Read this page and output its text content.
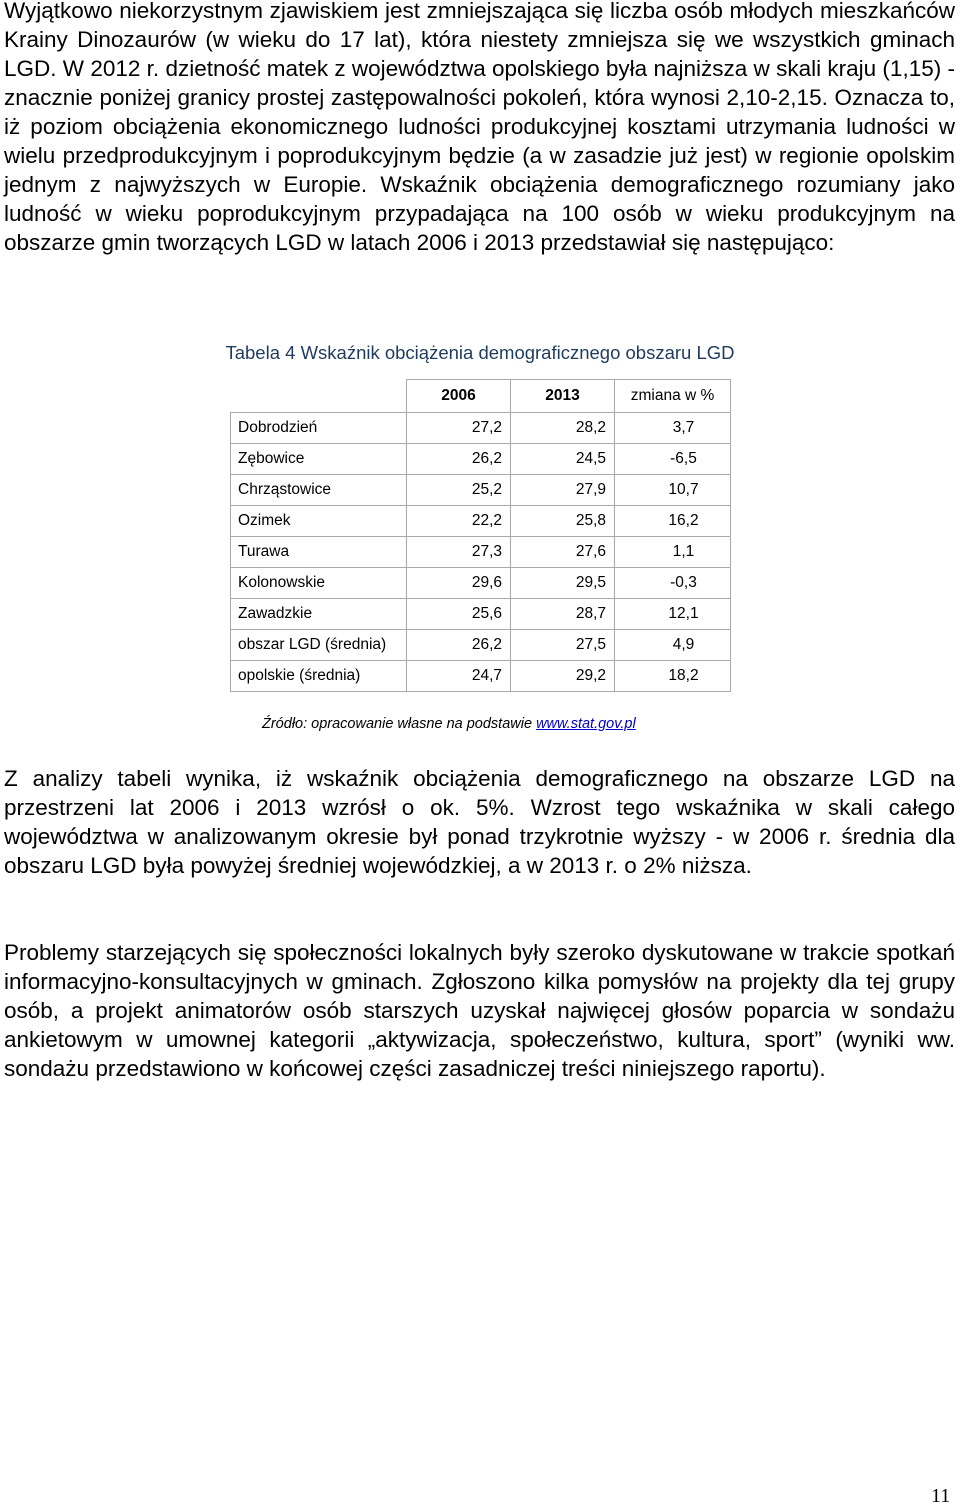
Wyjątkowo niekorzystnym zjawiskiem jest zmniejszająca się liczba osób młodych mieszkańców Krainy Dinozaurów (w wieku do 17 lat), która niestety zmniejsza się we wszystkich gminach LGD. W 2012 r. dzietność matek z województwa opolskiego była najniższa w skali kraju (1,15) - znacznie poniżej granicy prostej zastępowalności pokoleń, która wynosi 2,10-2,15. Oznacza to, iż poziom obciążenia ekonomicznego ludności produkcyjnej kosztami utrzymania ludności w wielu przedprodukcyjnym i poprodukcyjnym będzie (a w zasadzie już jest) w regionie opolskim jednym z najwyższych w Europie. Wskaźnik obciążenia demograficznego rozumiany jako ludność w wieku poprodukcyjnym przypadająca na 100 osób w wieku produkcyjnym na obszarze gmin tworzących LGD w latach 2006 i 2013 przedstawiał się następująco:

Tabela 4 Wskaźnik obciążenia demograficznego obszaru LGD
	2006	2013	zmiana w %
Dobrodzień	27,2	28,2	3,7
Zębowice	26,2	24,5	-6,5
Chrząstowice	25,2	27,9	10,7
Ozimek	22,2	25,8	16,2
Turawa	27,3	27,6	1,1
Kolonowskie	29,6	29,5	-0,3
Zawadzkie	25,6	28,7	12,1
obszar LGD (średnia)	26,2	27,5	4,9
opolskie (średnia)	24,7	29,2	18,2
Źródło: opracowanie własne na podstawie www.stat.gov.pl

Z analizy tabeli wynika, iż wskaźnik obciążenia demograficznego na obszarze LGD na przestrzeni lat 2006 i 2013 wzrósł o ok. 5%. Wzrost tego wskaźnika w skali całego województwa w analizowanym okresie był ponad trzykrotnie wyższy - w 2006 r. średnia dla obszaru LGD była powyżej średniej wojewódzkiej, a w 2013 r. o 2% niższa.

Problemy starzejących się społeczności lokalnych były szeroko dyskutowane w trakcie spotkań informacyjno-konsultacyjnych w gminach. Zgłoszono kilka pomysłów na projekty dla tej grupy osób, a projekt animatorów osób starszych uzyskał najwięcej głosów poparcia w sondażu ankietowym w umownej kategorii „aktywizacja, społeczeństwo, kultura, sport” (wyniki ww. sondażu przedstawiono w końcowej części zasadniczej treści niniejszego raportu).

11
